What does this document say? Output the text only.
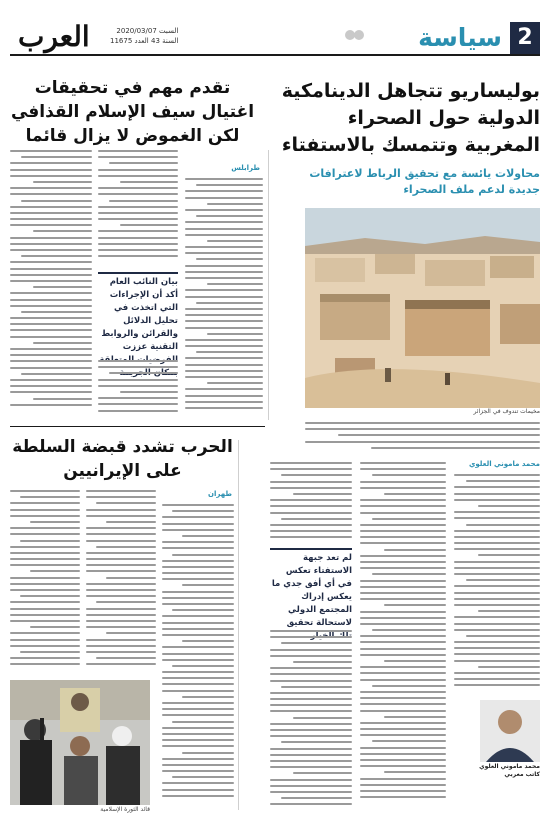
2
سياسة
السبت 2020/03/07
السنة 43 العدد 11675
العرب
بوليساريو تتجاهل الدينامكية الدولية حول الصحراء المغربية وتتمسك بالاستفتاء
محاولات يائسة مع تحقيق الرباط لاعترافات جديدة لدعم ملف الصحراء
تقدم مهم في تحقيقات اغتيال سيف الإسلام القذافي لكن الغموض لا يزال قائما
مخيمات تندوف في الجزائر
طرابلس
بيان النائب العام أكد أن الإجراءات التي اتخذت في تحليل الدلائل والقرائن والروابط التقنية عززت
محمد ماموني العلوي
لم تعد جبهة الاستفتاء تعكس في أي أفق جدي ما يعكس إدراك المجتمع الدولي لاستحالة تحقيق
محمد ماموني العلوي
كاتب مغربي
الحرب تشدد قبضة السلطة على الإيرانيين
طهران
قائد الثورة الإسلامية
